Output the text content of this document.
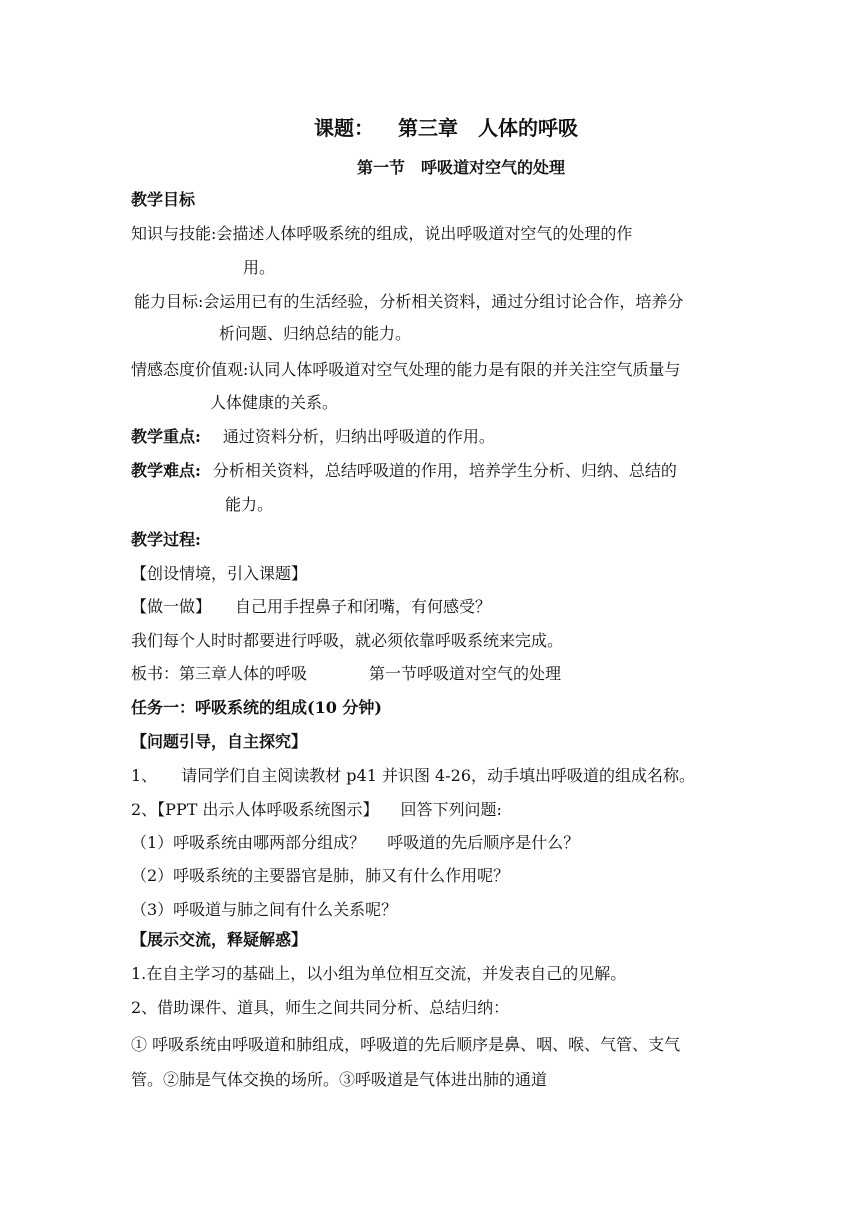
课题： 第三章　人体的呼吸
第一节　呼吸道对空气的处理
教学目标
知识与技能:会描述人体呼吸系统的组成，说出呼吸道对空气的处理的作
用。
能力目标:会运用已有的生活经验，分析相关资料，通过分组讨论合作，培养分
析问题、归纳总结的能力。
情感态度价值观:认同人体呼吸道对空气处理的能力是有限的并关注空气质量与
人体健康的关系。
教学重点: 通过资料分析，归纳出呼吸道的作用。
教学难点: 分析相关资料，总结呼吸道的作用，培养学生分析、归纳、总结的
能力。
教学过程:
【创设情境，引入课题】
【做一做】 自己用手捏鼻子和闭嘴，有何感受？
我们每个人时时都要进行呼吸，就必须依靠呼吸系统来完成。
板书：第三章人体的呼吸	第一节呼吸道对空气的处理
任务一：呼吸系统的组成(10 分钟)
【问题引导，自主探究】
1、 请同学们自主阅读教材 p41 并识图 4-26，动手填出呼吸道的组成名称。
2、【PPT 出示人体呼吸系统图示】 回答下列问题:
（1）呼吸系统由哪两部分组成？ 呼吸道的先后顺序是什么？
（2）呼吸系统的主要器官是肺，肺又有什么作用呢？
（3）呼吸道与肺之间有什么关系呢？
【展示交流，释疑解惑】
1.在自主学习的基础上，以小组为单位相互交流，并发表自己的见解。
2、借助课件、道具，师生之间共同分析、总结归纳：
① 呼吸系统由呼吸道和肺组成，呼吸道的先后顺序是鼻、咽、喉、气管、支气
管。②肺是气体交换的场所。③呼吸道是气体进出肺的通道
